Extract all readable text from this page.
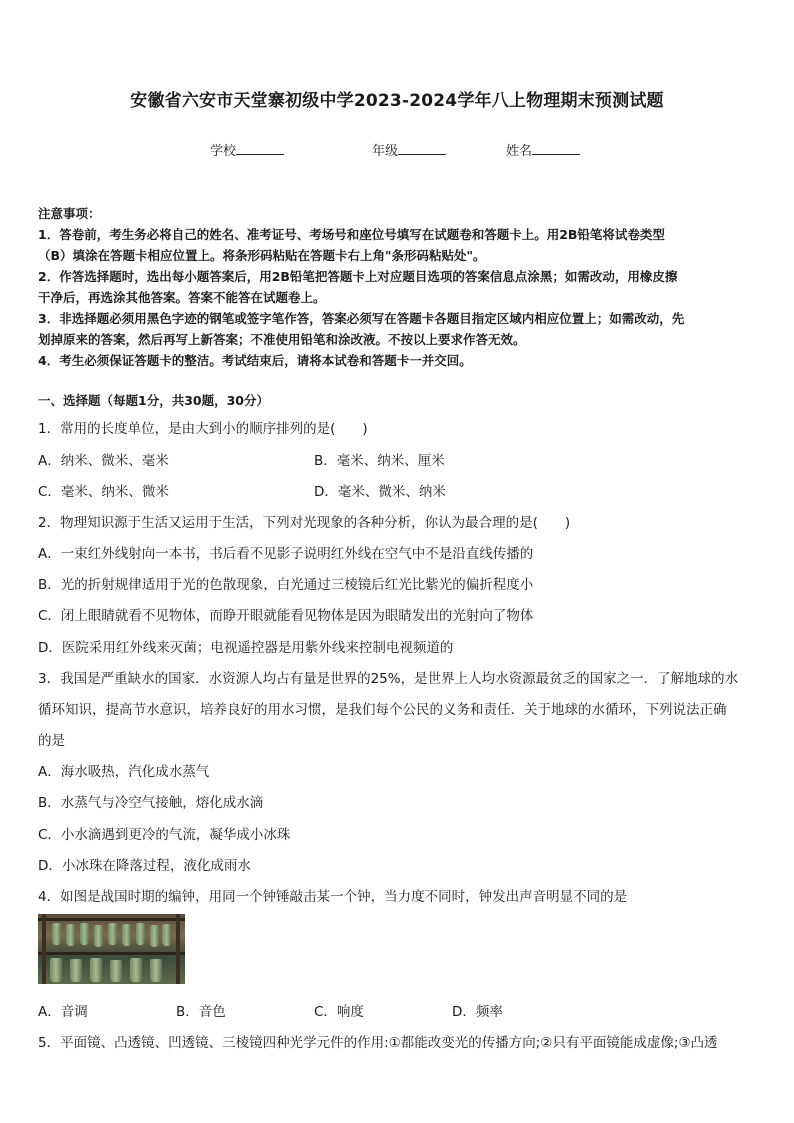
安徽省六安市天堂寨初级中学2023-2024学年八上物理期末预测试题
学校	年级	姓名
注意事项：
1．答卷前，考生务必将自己的姓名、准考证号、考场号和座位号填写在试题卷和答题卡上。用2B铅笔将试卷类型
（B）填涂在答题卡相应位置上。将条形码粘贴在答题卡右上角"条形码粘贴处"。
2．作答选择题时，选出每小题答案后，用2B铅笔把答题卡上对应题目选项的答案信息点涂黑；如需改动，用橡皮擦
干净后，再选涂其他答案。答案不能答在试题卷上。
3．非选择题必须用黑色字迹的钢笔或签字笔作答，答案必须写在答题卡各题目指定区域内相应位置上；如需改动，先
划掉原来的答案，然后再写上新答案；不准使用铅笔和涂改液。不按以上要求作答无效。
4．考生必须保证答题卡的整洁。考试结束后，请将本试卷和答题卡一并交回。
一、选择题（每题1分，共30题，30分）
1．常用的长度单位，是由大到小的顺序排列的是(　　)
A．纳米、微米、毫米	B．毫米、纳米、厘米
C．毫米、纳米、微米	D．毫米、微米、纳米
2．物理知识源于生活又运用于生活，下列对光现象的各种分析，你认为最合理的是(　　)
A．一束红外线射向一本书，书后看不见影子说明红外线在空气中不是沿直线传播的
B．光的折射规律适用于光的色散现象，白光通过三棱镜后红光比紫光的偏折程度小
C．闭上眼睛就看不见物体，而睁开眼就能看见物体是因为眼睛发出的光射向了物体
D．医院采用红外线来灭菌；电视遥控器是用紫外线来控制电视频道的
3．我国是严重缺水的国家．水资源人均占有量是世界的25%，是世界上人均水资源最贫乏的国家之一．了解地球的水
循环知识，提高节水意识，培养良好的用水习惯，是我们每个公民的义务和责任．关于地球的水循环，下列说法正确
的是
A．海水吸热，汽化成水蒸气
B．水蒸气与冷空气接触，熔化成水滴
C．小水滴遇到更冷的气流，凝华成小冰珠
D．小冰珠在降落过程，液化成雨水
4．如图是战国时期的编钟，用同一个钟锤敲击某一个钟，当力度不同时，钟发出声音明显不同的是
A．音调	B．音色	C．响度	D．频率
5．平面镜、凸透镜、凹透镜、三棱镜四种光学元件的作用:①都能改变光的传播方向;②只有平面镜能成虚像;③凸透
